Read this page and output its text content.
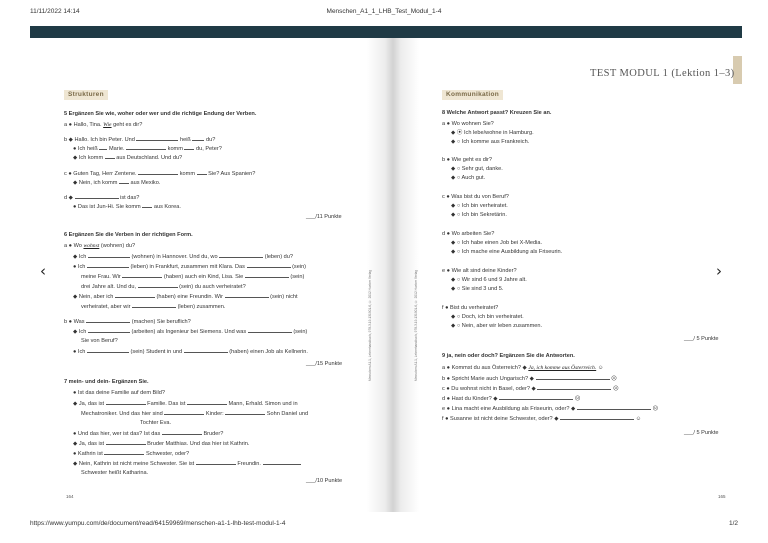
11/11/2022 14:14	Menschen_A1_1_LHB_Test_Modul_1-4
Menschen A1.1, Lehrerhandbuch, 978-3-19-131901-6, © 2012 Hueber Verlag	Menschen A1.1, Lehrerhandbuch, 978-3-19-131901-6, © 2012 Hueber Verlag
‹	›
Strukturen
5 Ergänzen Sie wie, woher oder wer und die richtige Endung der Verben.
a ● Hallo, Tina. Wie geht es dir?
b ◆ Hallo. Ich bin Peter. Und	heiß	du?
● Ich heiß Marie.	komm du, Peter?
◆ Ich komm aus Deutschland. Und du?
c ● Guten Tag, Herr Zentene.	komm Sie? Aus Spanien?
◆ Nein, ich komm aus Mexiko.
d ◆	ist das?
● Das ist Jun-Hi. Sie komm aus Korea.
___/11 Punkte
6 Ergänzen Sie die Verben in der richtigen Form.
a ● Wo wohnst (wohnen) du?
◆ Ich	(wohnen) in Hannover. Und du, wo	(leben) du?
● Ich	(leben) in Frankfurt, zusammen mit Klara. Das	(sein)
meine Frau. Wir	(haben) auch ein Kind, Lisa. Sie	(sein)
drei Jahre alt. Und du,	(sein) du auch verheiratet?
◆ Nein, aber ich	(haben) eine Freundin. Wir	(sein) nicht
verheiratet, aber wir	(leben) zusammen.
b ● Was	(machen) Sie beruflich?
◆ Ich	(arbeiten) als Ingenieur bei Siemens. Und was	(sein)
Sie von Beruf?
● Ich	(sein) Student in und	(haben) einen Job als Kellnerin.
___/15 Punkte
7 mein- und dein- Ergänzen Sie.
● Ist das deine Familie auf dem Bild?
◆ Ja, das ist	Familie. Das ist	Mann, Erhald. Simon und in
Mechatroniker. Und das hier sind	Kinder:	Sohn Daniel und
Tochter Eva.
● Und das hier, wer ist das? Ist das	Bruder?
◆ Ja, das ist	Bruder Matthias. Und das hier ist Kathrin.
● Kathrin ist	Schwester, oder?
◆ Nein, Kathrin ist nicht meine Schwester. Sie ist	Freundin.
Schwester heißt Katharina.
___/10 Punkte
164
TEST MODUL 1 (Lektion 1–3)
Kommunikation
8 Welche Antwort passt? Kreuzen Sie an.
a ● Wo wohnen Sie?
◆ ⦿ Ich lebe/wohne in Hamburg.
◆ ○ Ich komme aus Frankreich.
b ● Wie geht es dir?
◆ ○ Sehr gut, danke.
◆ ○ Auch gut.
c ● Was bist du von Beruf?
◆ ○ Ich bin verheiratet.
◆ ○ Ich bin Sekretärin.
d ● Wo arbeiten Sie?
◆ ○ Ich habe einen Job bei X-Media.
◆ ○ Ich mache eine Ausbildung als Friseurin.
e ● Wie alt sind deine Kinder?
◆ ○ Wir sind 6 und 9 Jahre alt.
◆ ○ Sie sind 3 und 5.
f ● Bist du verheiratet?
◆ ○ Doch, ich bin verheiratet.
◆ ○ Nein, aber wir leben zusammen.
___/ 5 Punkte
9 ja, nein oder doch? Ergänzen Sie die Antworten.
a ● Kommst du aus Österreich? ◆ Ja, ich komme aus Österreich. ☺
b ● Spricht Marie auch Ungarisch? ◆	☹
c ● Du wohnst nicht in Basel, oder? ◆	☹
d ● Hast du Kinder? ◆	☹
e ● Lina macht eine Ausbildung als Friseurin, oder? ◆	☹
f ● Susanne ist nicht deine Schwester, oder? ◆	☺
___/ 5 Punkte
165
https://www.yumpu.com/de/document/read/64159969/menschen-a1-1-lhb-test-modul-1-4	1/2
